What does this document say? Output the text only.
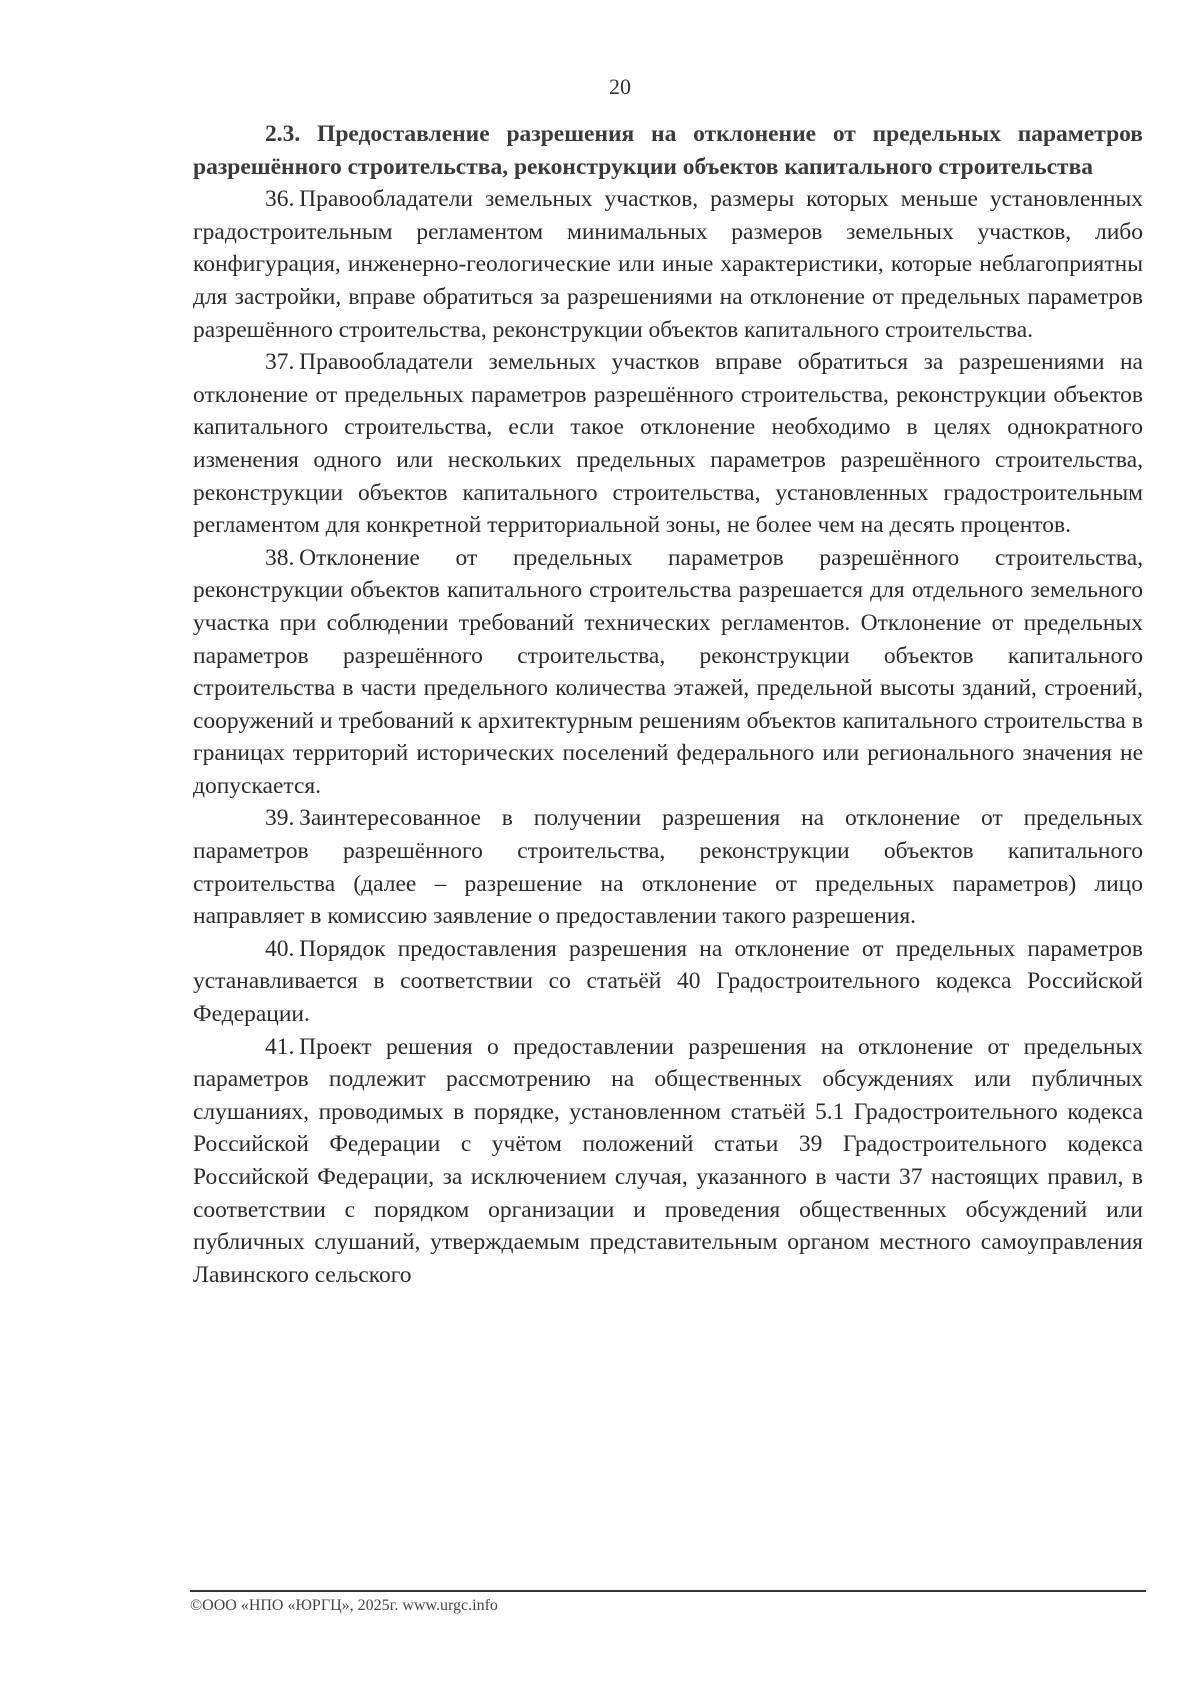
20

2.3. Предоставление разрешения на отклонение от предельных параметров разрешённого строительства, реконструкции объектов капитального строительства

36.  Правообладатели земельных участков, размеры которых меньше установленных градостроительным регламентом минимальных размеров земельных участков, либо конфигурация, инженерно-геологические или иные характеристики, которые неблагоприятны для застройки, вправе обратиться за разрешениями на отклонение от предельных параметров разрешённого строительства, реконструкции объектов капитального строительства.

37.  Правообладатели земельных участков вправе обратиться за разрешениями на отклонение от предельных параметров разрешённого строительства, реконструкции объектов капитального строительства, если такое отклонение необходимо в целях однократного изменения одного или нескольких предельных параметров разрешённого строительства, реконструкции объектов капитального строительства, установленных градостроительным регламентом для конкретной территориальной зоны, не более чем на десять процентов.

38.  Отклонение от предельных параметров разрешённого строительства, реконструкции объектов капитального строительства разрешается для отдельного земельного участка при соблюдении требований технических регламентов. Отклонение от предельных параметров разрешённого строительства, реконструкции объектов капитального строительства в части предельного количества этажей, предельной высоты зданий, строений, сооружений и требований к архитектурным решениям объектов капитального строительства в границах территорий исторических поселений федерального или регионального значения не допускается.

39.  Заинтересованное в получении разрешения на отклонение от предельных параметров разрешённого строительства, реконструкции объектов капитального строительства (далее – разрешение на отклонение от предельных параметров) лицо направляет в комиссию заявление о предоставлении такого разрешения.

40.  Порядок предоставления разрешения на отклонение от предельных параметров устанавливается в соответствии со статьёй 40 Градостроительного кодекса Российской Федерации.

41.  Проект решения о предоставлении разрешения на отклонение от предельных параметров подлежит рассмотрению на общественных обсуждениях или публичных слушаниях, проводимых в порядке, установленном статьёй 5.1 Градостроительного кодекса Российской Федерации с учётом положений статьи 39 Градостроительного кодекса Российской Федерации, за исключением случая, указанного в части 37 настоящих правил, в соответствии с порядком организации и проведения общественных обсуждений или публичных слушаний, утверждаемым представительным органом местного самоуправления Лавинского сельского

©ООО «НПО «ЮРГЦ», 2025г. www.urgc.info
